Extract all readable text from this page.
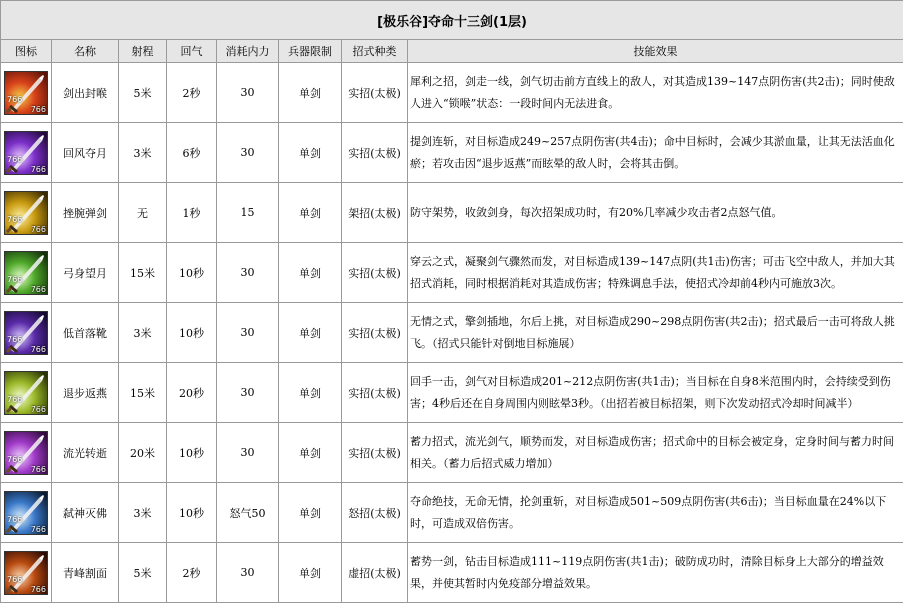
[极乐谷]夺命十三剑(1层)							
图标	名称	射程	回气	消耗内力	兵器限制	招式种类	技能效果

766
766	剑出封喉	5米	2秒	30	单剑	实招(太极)	犀利之招，剑走一线，剑气切击前方直线上的敌人，对其造成139~147点阴伤害(共2击)；同时使敌人进入“锁喉”状态：一段时间内无法进食。

766
766	回风夺月	3米	6秒	30	单剑	实招(太极)	提剑连斩，对目标造成249~257点阴伤害(共4击)；命中目标时，会减少其淤血量，让其无法活血化瘀；若攻击因“退步返燕”而眩晕的敌人时，会将其击倒。

766
766	挫腕弹剑	无	1秒	15	单剑	架招(太极)	防守架势，收敛剑身，每次招架成功时，有20%几率减少攻击者2点怒气值。

766
766	弓身望月	15米	10秒	30	单剑	实招(太极)	穿云之式，凝聚剑气骤然而发，对目标造成139~147点阴(共1击)伤害；可击飞空中敌人，并加大其招式消耗，同时根据消耗对其造成伤害；特殊调息手法，使招式冷却前4秒内可施放3次。

766
766	低首落靴	3米	10秒	30	单剑	实招(太极)	无情之式，擎剑插地，尔后上挑，对目标造成290~298点阴伤害(共2击)；招式最后一击可将敌人挑飞。（招式只能针对倒地目标施展）

766
766	退步返燕	15米	20秒	30	单剑	实招(太极)	回手一击，剑气对目标造成201~212点阴伤害(共1击)；当目标在自身8米范围内时，会持续受到伤害；4秒后还在自身周围内则眩晕3秒。（出招若被目标招架，则下次发动招式冷却时间减半）

766
766	流光转逝	20米	10秒	30	单剑	实招(太极)	蓄力招式，流光剑气，顺势而发，对目标造成伤害；招式命中的目标会被定身，定身时间与蓄力时间相关。（蓄力后招式威力增加）

766
766	弑神灭佛	3米	10秒	怒气50	单剑	怒招(太极)	夺命绝技，无命无情，抡剑重斩，对目标造成501~509点阴伤害(共6击)；当目标血量在24%以下时，可造成双倍伤害。

766
766	青峰割面	5米	2秒	30	单剑	虚招(太极)	蓄势一剑，钻击目标造成111~119点阴伤害(共1击)；破防成功时，清除目标身上大部分的增益效果，并使其暂时内免疫部分增益效果。
